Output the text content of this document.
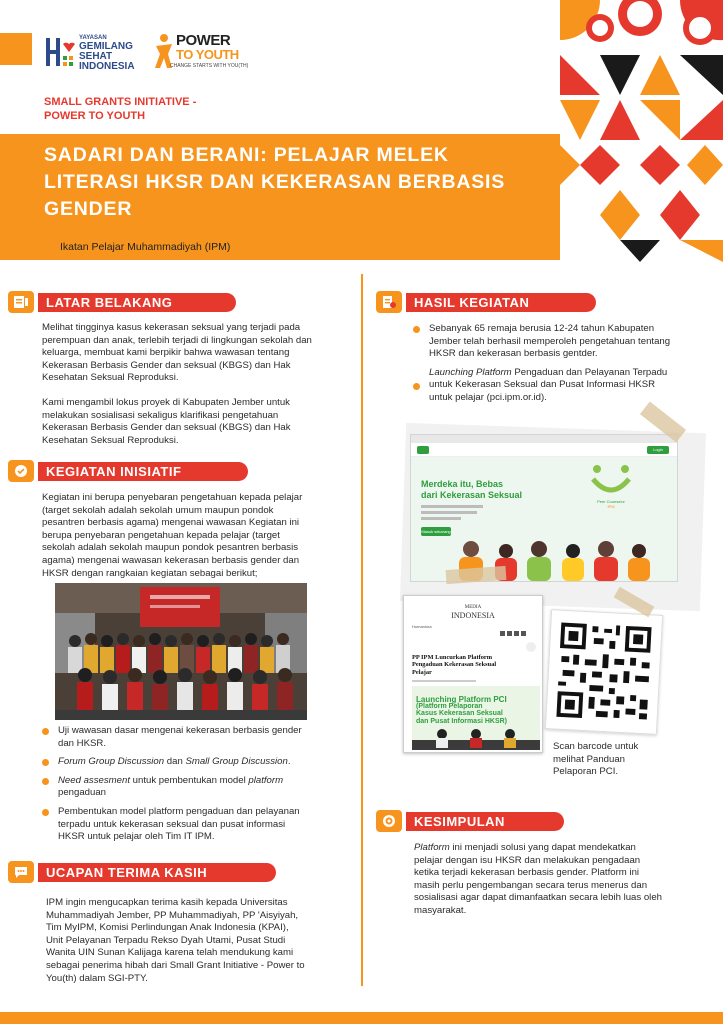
YAYASAN
GEMILANG
SEHAT
INDONESIA
POWER
TO YOUTH
CHANGE STARTS WITH YOU(TH)
SMALL GRANTS INITIATIVE -
POWER TO YOUTH
SADARI DAN BERANI: PELAJAR MELEK
LITERASI HKSR DAN KEKERASAN BERBASIS
GENDER
Ikatan Pelajar Muhammadiyah (IPM)
LATAR BELAKANG
Melihat tingginya kasus kekerasan seksual yang terjadi pada
perempuan dan anak, terlebih terjadi di lingkungan sekolah dan
keluarga, membuat kami berpikir bahwa wawasan tentang
Kekerasan Berbasis Gender dan seksual (KBGS) dan Hak
Kesehatan Seksual Reproduksi.
Kami mengambil lokus proyek di Kabupaten Jember untuk
melakukan sosialisasi sekaligus klarifikasi pengetahuan
Kekerasan Berbasis Gender dan seksual (KBGS) dan Hak
Kesehatan Seksual Reproduksi.
KEGIATAN INISIATIF
Kegiatan ini berupa penyebaran pengetahuan kepada pelajar
(target sekolah adalah sekolah umum maupun pondok
pesantren berbasis agama) mengenai wawasan Kegiatan ini
berupa penyebaran pengetahuan kepada pelajar (target
sekolah adalah sekolah maupun pondok pesantren berbasis
agama) mengenai wawasan kekerasan berbasis gender dan
HKSR dengan rangkaian kegiatan sebagai berikut;
Uji wawasan dasar mengenai kekerasan berbasis gender
dan HKSR.
Forum Group Discussion dan Small Group Discussion.
Need assesment untuk pembentukan model platform
pengaduan
Pembentukan model platform pengaduan dan pelayanan
terpadu untuk kekerasan seksual dan pusat informasi
HKSR untuk pelajar oleh Tim IT IPM.
UCAPAN TERIMA KASIH
IPM ingin mengucapkan terima kasih kepada Universitas
Muhammadiyah Jember, PP Muhammadiyah, PP 'Aisyiyah,
Tim MyIPM, Komisi Perlindungan Anak Indonesia (KPAI),
Unit Pelayanan Terpadu Rekso Dyah Utami, Pusat Studi
Wanita UIN Sunan Kalijaga karena telah mendukung kami
sebagai penerima hibah dari Small Grant Initiative - Power to
You(th) dalam SGI-PTY.
HASIL KEGIATAN
Sebanyak 65 remaja berusia 12-24 tahun Kabupaten
Jember telah berhasil memperoleh pengetahuan tentang
HKSR dan kekerasan berbasis gentder.
Launching Platform Pengaduan dan Pelayanan Terpadu
untuk Kekerasan Seksual dan Pusat Informasi HKSR
untuk pelajar (pci.ipm.or.id).
Login
Merdeka itu, Bebas
dari Kekerasan Seksual
Masuk sekarang
Peer Counselor
IPM
MEDIA
INDONESIA
Humaniora
PP IPM Luncurkan Platform
Pengaduan Kekerasan Seksual
Pelajar
Launching Platform PCI
(Platform Pelaporan
Kasus Kekerasan Seksual
dan Pusat Informasi HKSR)
Scan barcode untuk
melihat Panduan
Pelaporan PCI.
KESIMPULAN
Platform ini menjadi solusi yang dapat mendekatkan
pelajar dengan isu HKSR dan melakukan pengadaan
ketika terjadi kekerasan berbasis gender. Platform ini
masih perlu pengembangan secara terus menerus dan
sosialisasi agar dapat dimanfaatkan secara lebih luas oleh
masyarakat.
